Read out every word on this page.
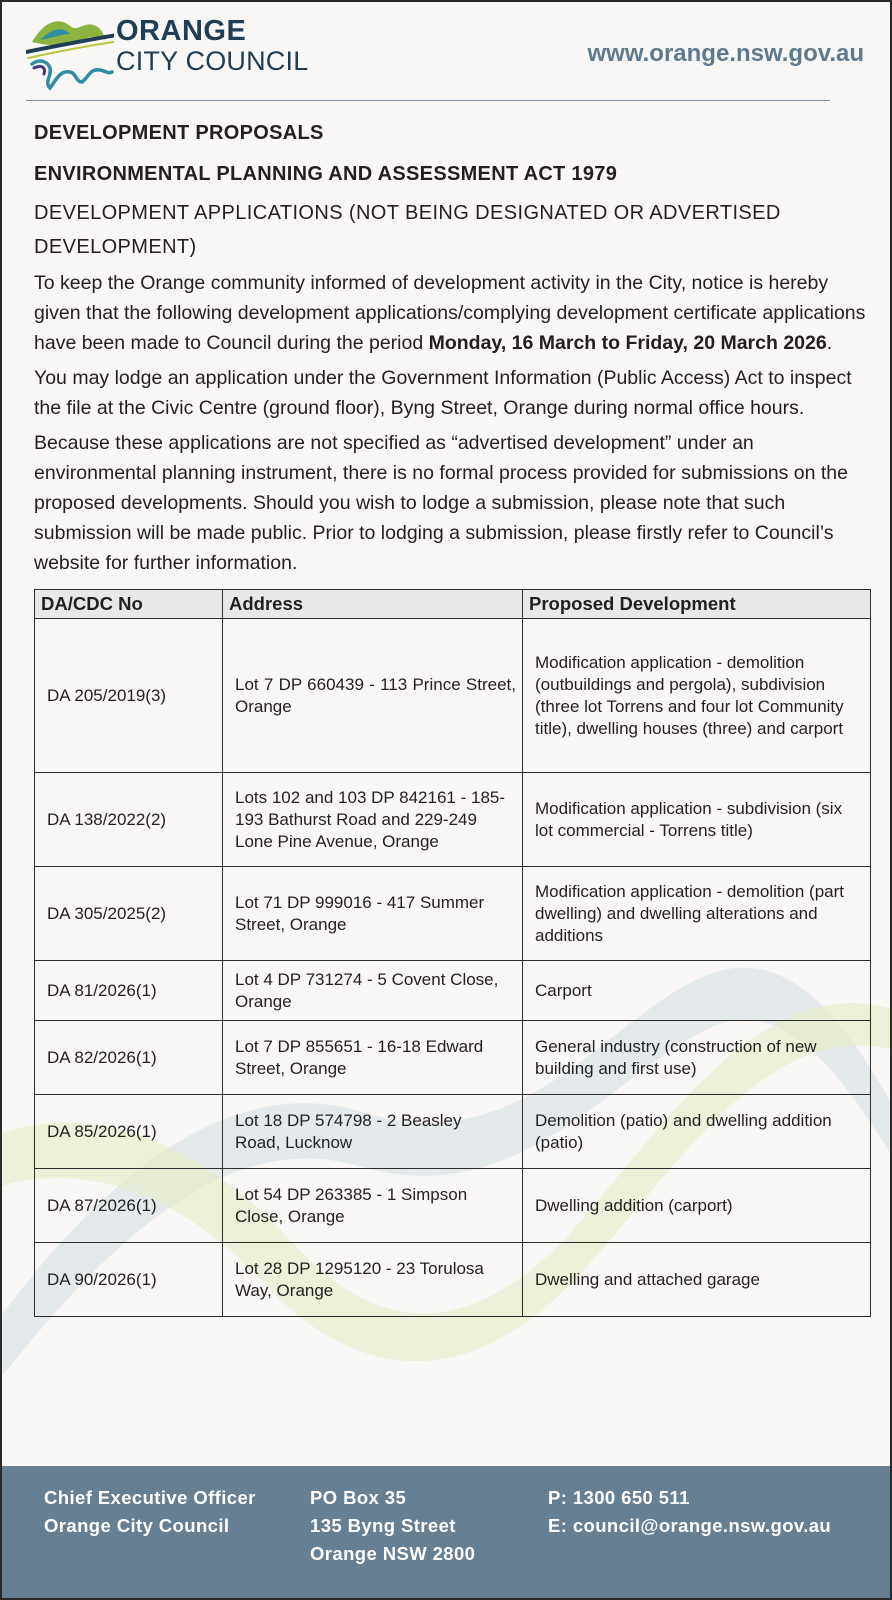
ORANGE
CITY COUNCIL	www.orange.nsw.gov.au
DEVELOPMENT PROPOSALS
ENVIRONMENTAL PLANNING AND ASSESSMENT ACT 1979
DEVELOPMENT APPLICATIONS (NOT BEING DESIGNATED OR ADVERTISED DEVELOPMENT)

To keep the Orange community informed of development activity in the City, notice is hereby given that the following development applications/complying development certificate applications have been made to Council during the period Monday, 16 March to Friday, 20 March 2026.

You may lodge an application under the Government Information (Public Access) Act to inspect the file at the Civic Centre (ground floor), Byng Street, Orange during normal office hours.

Because these applications are not specified as “advertised development” under an environmental planning instrument, there is no formal process provided for submissions on the proposed developments. Should you wish to lodge a submission, please note that such submission will be made public. Prior to lodging a submission, please firstly refer to Council’s website for further information.

DA/CDC No	Address	Proposed Development
DA 205/2019(3)	Lot 7 DP 660439 - 113 Prince Street, Orange	Modification application - demolition (outbuildings and pergola), subdivision (three lot Torrens and four lot Community title), dwelling houses (three) and carport
DA 138/2022(2)	Lots 102 and 103 DP 842161 - 185-193 Bathurst Road and 229-249 Lone Pine Avenue, Orange	Modification application - subdivision (six lot commercial - Torrens title)
DA 305/2025(2)	Lot 71 DP 999016 - 417 Summer Street, Orange	Modification application - demolition (part dwelling) and dwelling alterations and additions
DA 81/2026(1)	Lot 4 DP 731274 - 5 Covent Close, Orange	Carport
DA 82/2026(1)	Lot 7 DP 855651 - 16-18 Edward Street, Orange	General industry (construction of new building and first use)
DA 85/2026(1)	Lot 18 DP 574798 - 2 Beasley Road, Lucknow	Demolition (patio) and dwelling addition (patio)
DA 87/2026(1)	Lot 54 DP 263385 - 1 Simpson Close, Orange	Dwelling addition (carport)
DA 90/2026(1)	Lot 28 DP 1295120 - 23 Torulosa Way, Orange	Dwelling and attached garage
Chief Executive Officer
Orange City Council
PO Box 35
135 Byng Street
Orange NSW 2800
P: 1300 650 511
E: council@orange.nsw.gov.au
